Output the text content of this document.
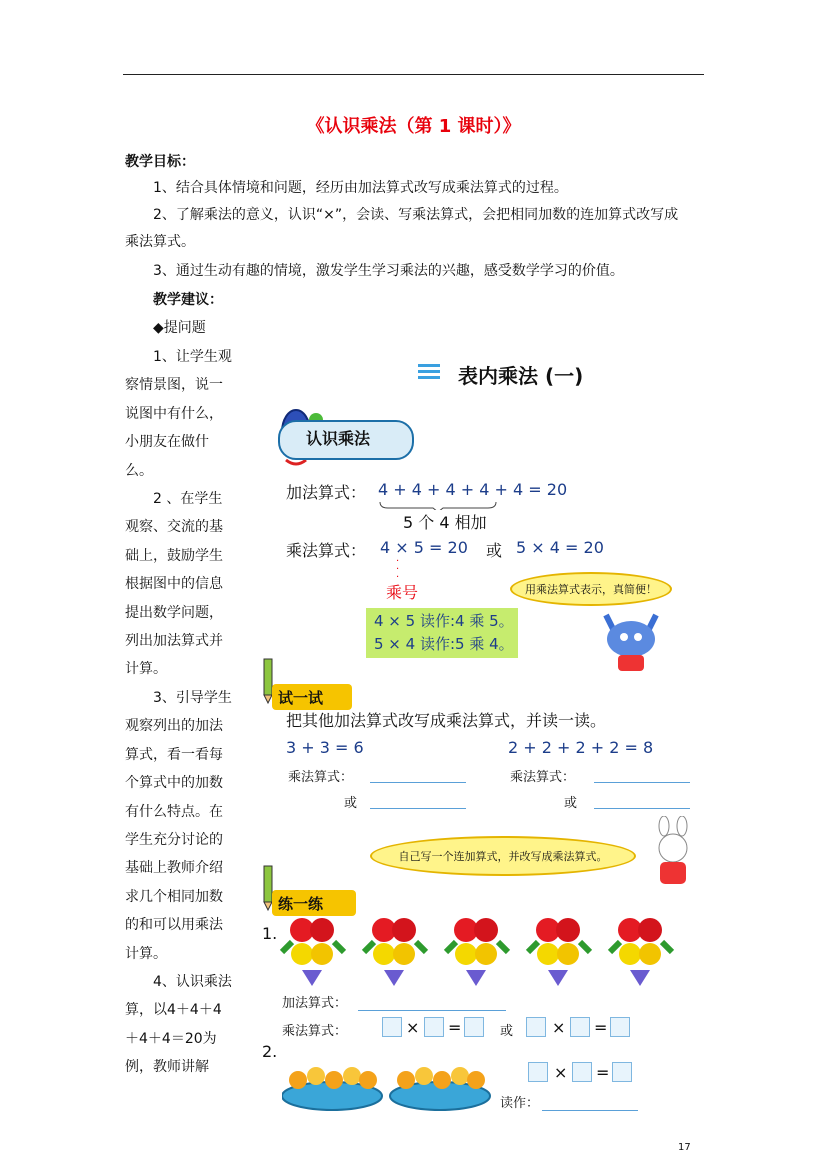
《认识乘法（第 1 课时）》
教学目标：
1、结合具体情境和问题，经历由加法算式改写成乘法算式的过程。
2、了解乘法的意义，认识“×”，会读、写乘法算式，会把相同加数的连加算式改写成
乘法算式。
3、通过生动有趣的情境，激发学生学习乘法的兴趣，感受数学学习的价值。
教学建议：
◆提问题

1、让学生观察情景图，说一说图中有什么，小朋友在做什么。

2 、在学生观察、交流的基础上，鼓励学生根据图中的信息提出数学问题，列出加法算式并计算。

3、引导学生观察列出的加法算式，看一看每个算式中的加数有什么特点。在学生充分讨论的基础上教师介绍求几个相同加数的和可以用乘法计算。

4、认识乘法算，以4＋4＋4＋4＋4＝20为例，教师讲解

表内乘法 (一)
认识乘法
加法算式： 4 + 4 + 4 + 4 + 4 = 20
5 个 4 相加
乘法算式： 4 × 5 = 20 或 5 × 4 = 20
·
·
·
乘号	用乘法算式表示，真简便！
4 × 5 读作:4 乘 5。
5 × 4 读作:5 乘 4。
试一试
把其他加法算式改写成乘法算式，并读一读。
3 + 3 = 6	2 + 2 + 2 + 2 = 8
乘法算式：	乘法算式：
或	或
自己写一个连加算式，并改写成乘法算式。
练一练
1.
加法算式：
乘法算式：	× =	或 × =
2.
× =
读作：
17
